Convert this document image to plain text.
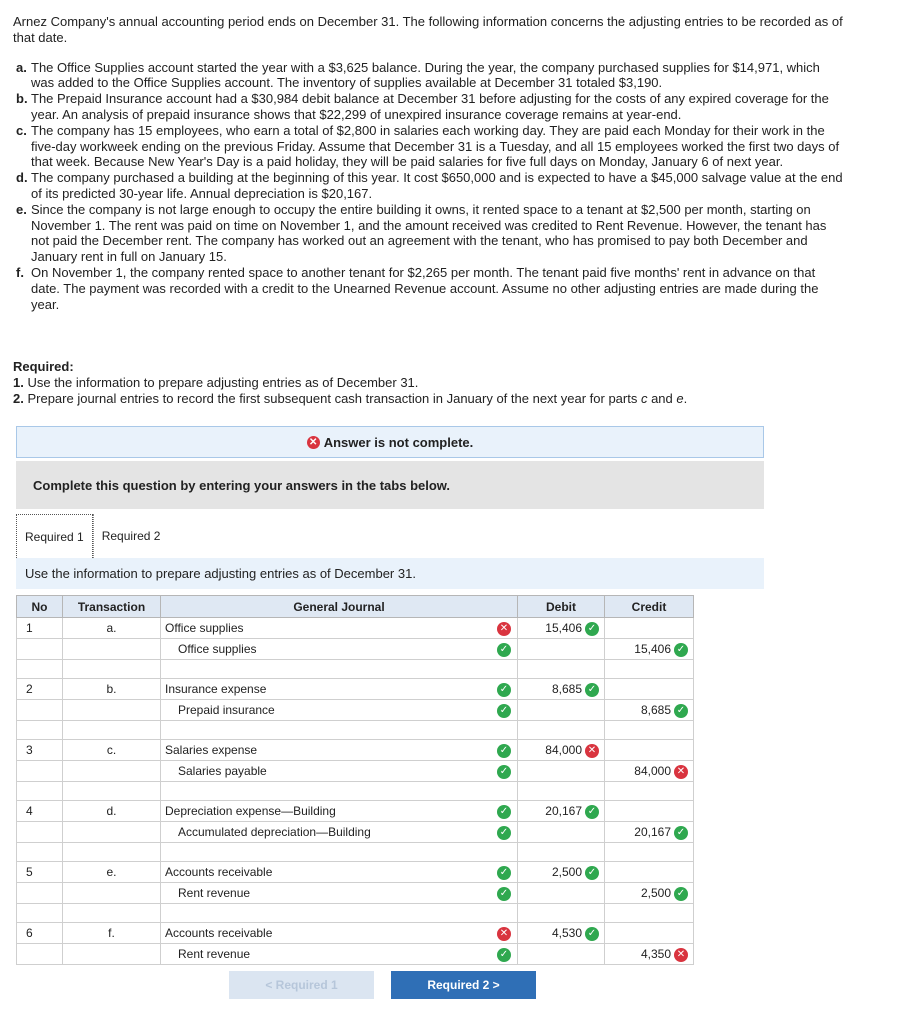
Arnez Company's annual accounting period ends on December 31. The following information concerns the adjusting entries to be recorded as of that date.

a. The Office Supplies account started the year with a $3,625 balance. During the year, the company purchased supplies for $14,971, which was added to the Office Supplies account. The inventory of supplies available at December 31 totaled $3,190.
b. The Prepaid Insurance account had a $30,984 debit balance at December 31 before adjusting for the costs of any expired coverage for the year. An analysis of prepaid insurance shows that $22,299 of unexpired insurance coverage remains at year-end.
c. The company has 15 employees, who earn a total of $2,800 in salaries each working day. They are paid each Monday for their work in the five-day workweek ending on the previous Friday. Assume that December 31 is a Tuesday, and all 15 employees worked the first two days of that week. Because New Year's Day is a paid holiday, they will be paid salaries for five full days on Monday, January 6 of next year.
d. The company purchased a building at the beginning of this year. It cost $650,000 and is expected to have a $45,000 salvage value at the end of its predicted 30-year life. Annual depreciation is $20,167.
e. Since the company is not large enough to occupy the entire building it owns, it rented space to a tenant at $2,500 per month, starting on November 1. The rent was paid on time on November 1, and the amount received was credited to Rent Revenue. However, the tenant has not paid the December rent. The company has worked out an agreement with the tenant, who has promised to pay both December and January rent in full on January 15.
f. On November 1, the company rented space to another tenant for $2,265 per month. The tenant paid five months' rent in advance on that date. The payment was recorded with a credit to the Unearned Revenue account. Assume no other adjusting entries are made during the year.
Required:
1. Use the information to prepare adjusting entries as of December 31.
2. Prepare journal entries to record the first subsequent cash transaction in January of the next year for parts c and e.
✕ Answer is not complete.
Complete this question by entering your answers in the tabs below.
Required 1	Required 2
Use the information to prepare adjusting entries as of December 31.
No	Transaction	General Journal	Debit	Credit
1	a.	Office supplies ✕	15,406 ✓	

		Office supplies ✓		15,406 ✓

2	b.	Insurance expense ✓	8,685 ✓	

		Prepaid insurance ✓		8,685 ✓

3	c.	Salaries expense ✓	84,000 ✕	

		Salaries payable ✓		84,000 ✕

4	d.	Depreciation expense—Building ✓	20,167 ✓	

		Accumulated depreciation—Building ✓		20,167 ✓

5	e.	Accounts receivable ✓	2,500 ✓	

		Rent revenue ✓		2,500 ✓

6	f.	Accounts receivable ✕	4,530 ✓	

		Rent revenue ✓		4,350 ✕
< Required 1	Required 2 >
